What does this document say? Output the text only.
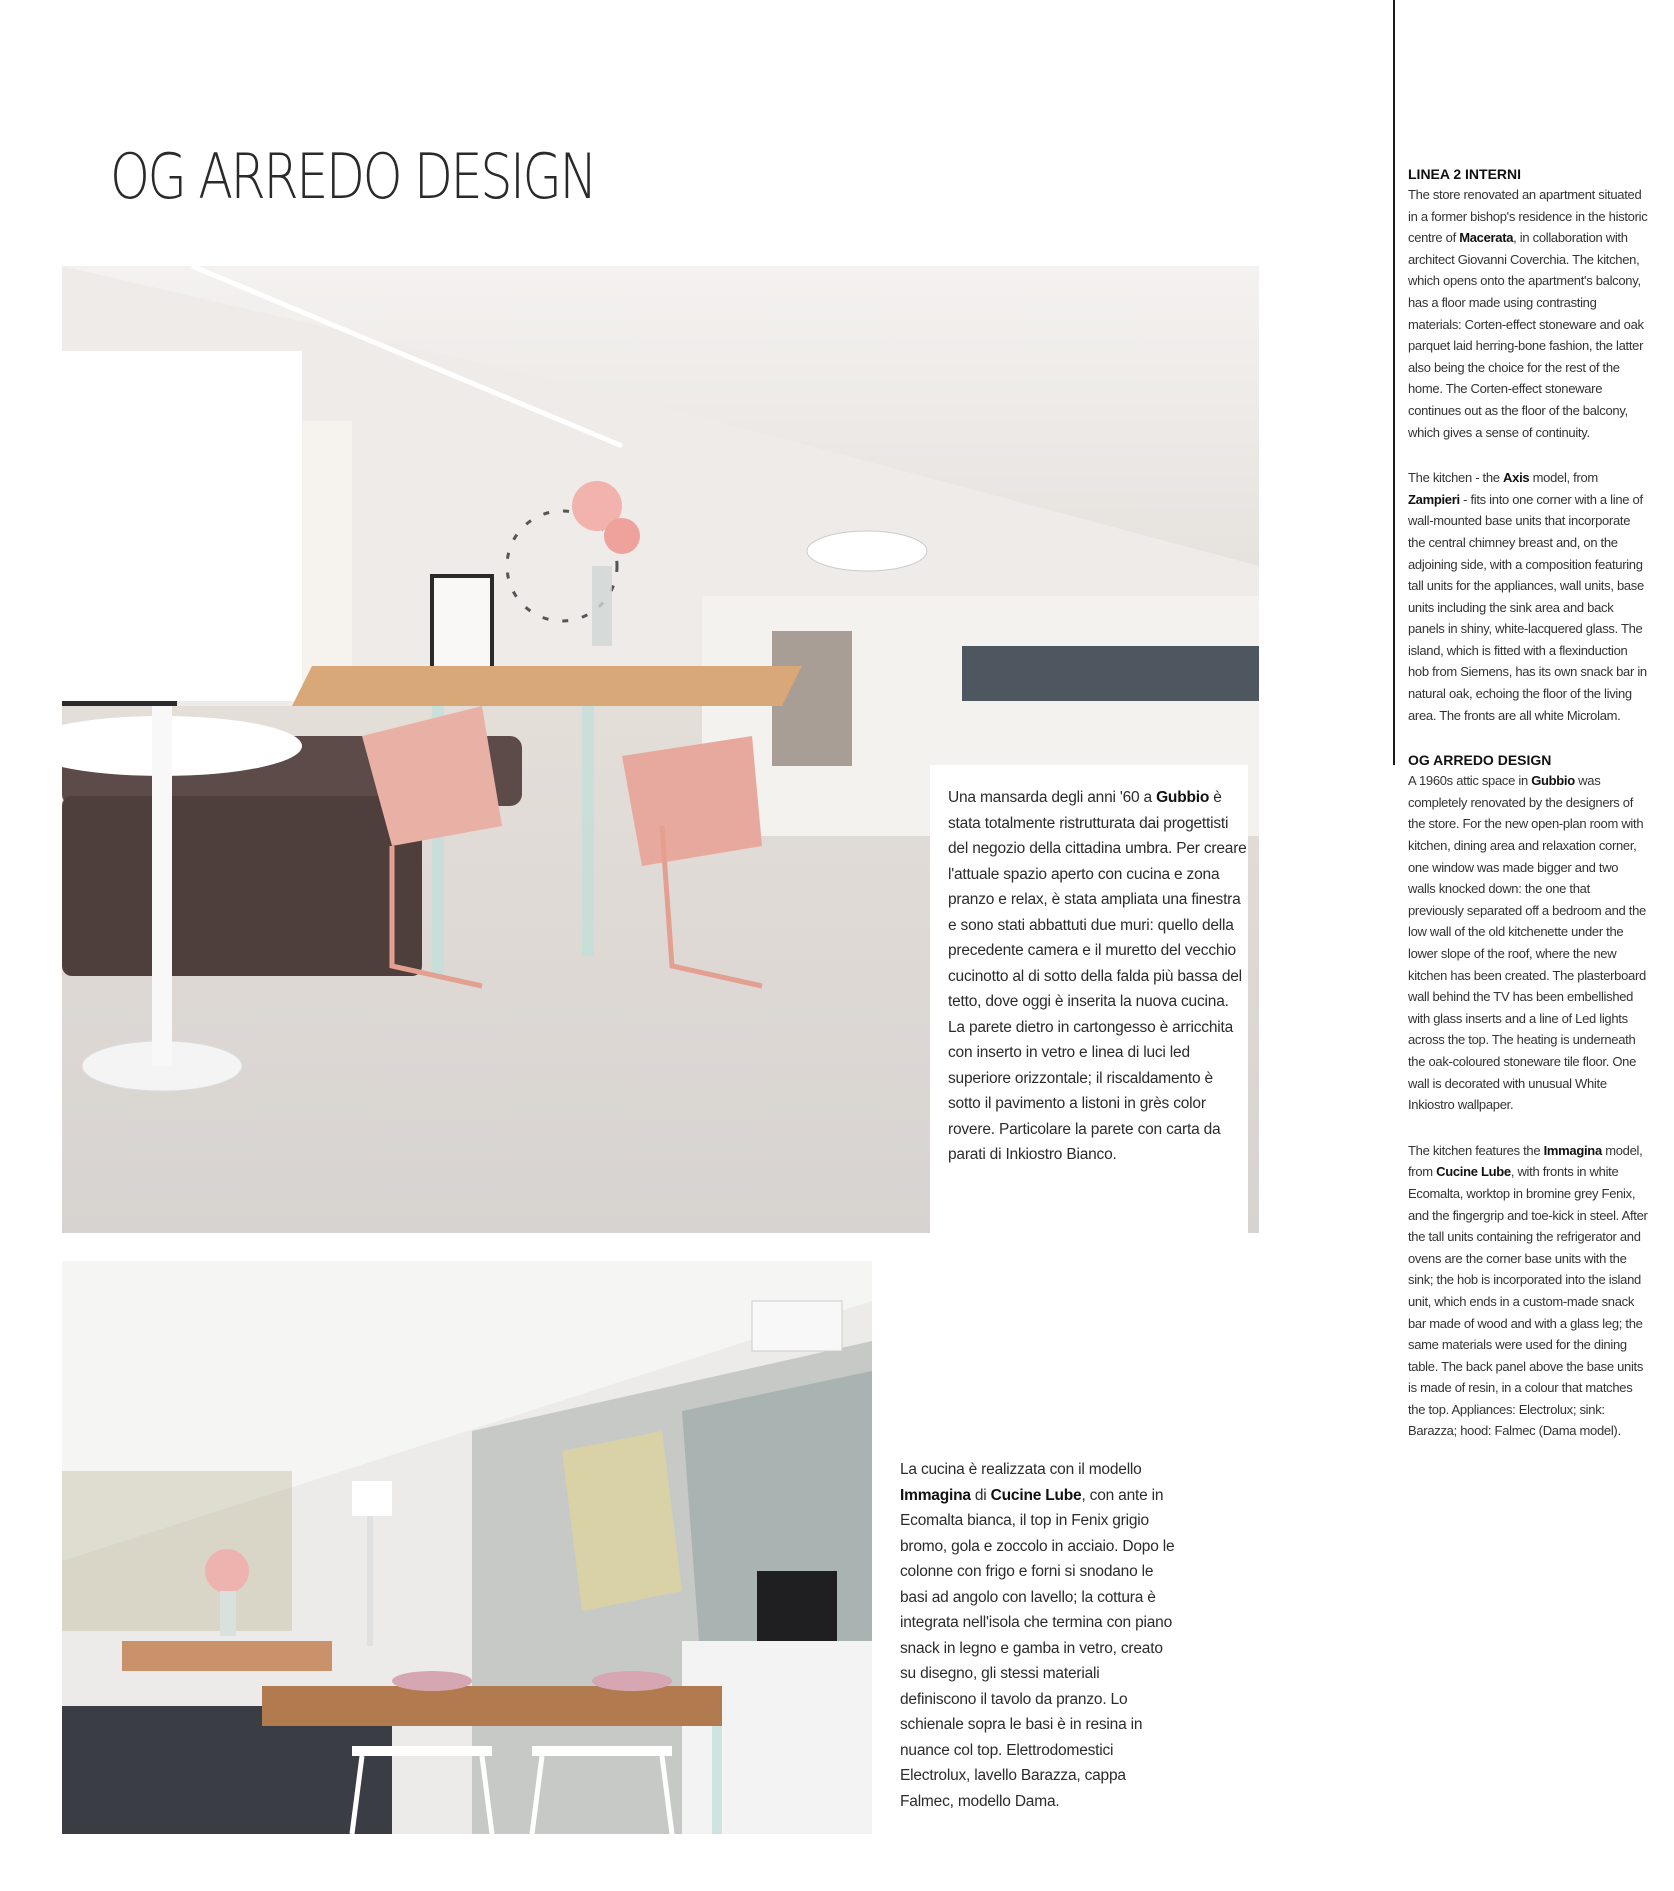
OG ARREDO DESIGN
Una mansarda degli anni '60 a Gubbio è stata totalmente ristrutturata dai progettisti del negozio della cittadina umbra. Per creare l'attuale spazio aperto con cucina e zona pranzo e relax, è stata ampliata una finestra e sono stati abbattuti due muri: quello della precedente camera e il muretto del vecchio cucinotto al di sotto della falda più bassa del tetto, dove oggi è inserita la nuova cucina. La parete dietro in cartongesso è arricchita con inserto in vetro e linea di luci led superiore orizzontale; il riscaldamento è sotto il pavimento a listoni in grès color rovere. Particolare la parete con carta da parati di Inkiostro Bianco.
La cucina è realizzata con il modello Immagina di Cucine Lube, con ante in Ecomalta bianca, il top in Fenix grigio bromo, gola e zoccolo in acciaio. Dopo le colonne con frigo e forni si snodano le basi ad angolo con lavello; la cottura è integrata nell'isola che termina con piano snack in legno e gamba in vetro, creato su disegno, gli stessi materiali definiscono il tavolo da pranzo. Lo schienale sopra le basi è in resina in nuance col top. Elettrodomestici Electrolux, lavello Barazza, cappa Falmec, modello Dama.
LINEA 2 INTERNI

The store renovated an apartment situated in a former bishop's residence in the historic centre of Macerata, in collaboration with architect Giovanni Coverchia. The kitchen, which opens onto the apartment's balcony, has a floor made using contrasting materials: Corten-effect stoneware and oak parquet laid herring-bone fashion, the latter also being the choice for the rest of the home. The Corten-effect stoneware continues out as the floor of the balcony, which gives a sense of continuity.

The kitchen - the Axis model, from Zampieri - fits into one corner with a line of wall-mounted base units that incorporate the central chimney breast and, on the adjoining side, with a composition featuring tall units for the appliances, wall units, base units including the sink area and back panels in shiny, white-lacquered glass. The island, which is fitted with a flexinduction hob from Siemens, has its own snack bar in natural oak, echoing the floor of the living area. The fronts are all white Microlam.

OG ARREDO DESIGN

A 1960s attic space in Gubbio was completely renovated by the designers of the store. For the new open-plan room with kitchen, dining area and relaxation corner, one window was made bigger and two walls knocked down: the one that previously separated off a bedroom and the low wall of the old kitchenette under the lower slope of the roof, where the new kitchen has been created. The plasterboard wall behind the TV has been embellished with glass inserts and a line of Led lights across the top. The heating is underneath the oak-coloured stoneware tile floor. One wall is decorated with unusual White Inkiostro wallpaper.

The kitchen features the Immagina model, from Cucine Lube, with fronts in white Ecomalta, worktop in bromine grey Fenix, and the fingergrip and toe-kick in steel. After the tall units containing the refrigerator and ovens are the corner base units with the sink; the hob is incorporated into the island unit, which ends in a custom-made snack bar made of wood and with a glass leg; the same materials were used for the dining table. The back panel above the base units is made of resin, in a colour that matches the top. Appliances: Electrolux; sink: Barazza; hood: Falmec (Dama model).
